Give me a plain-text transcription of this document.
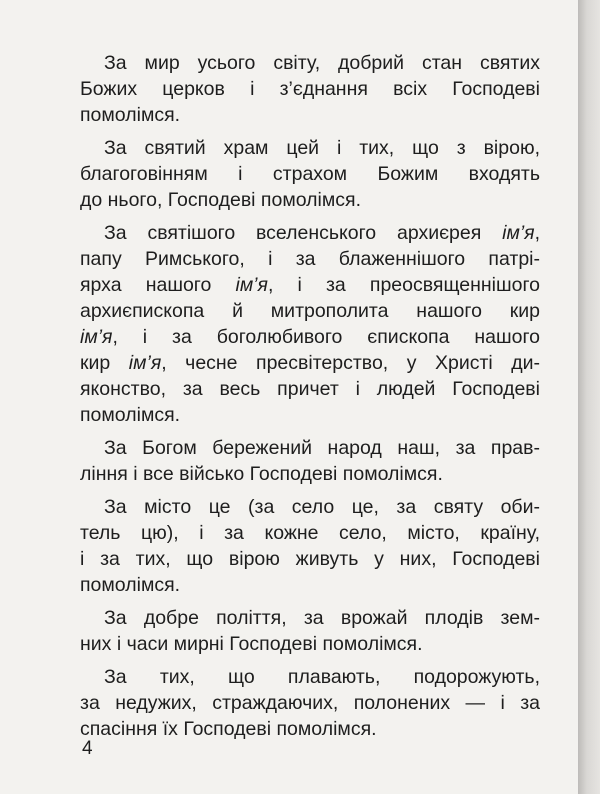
За мир усього світу, добрий стан святих
Божих церков і з’єднання всіх Господеві
помолімся.

За святий храм цей і тих, що з вірою,
благоговінням і страхом Божим входять
до нього, Господеві помолімся.

За святішого вселенського архиєрея ім’я,
папу Римського, і за блаженнішого патрі-
ярха нашого ім’я, і за преосвященнішого
архиєпископа й митрополита нашого кир
ім’я, і за боголюбивого єпископа нашого
кир ім’я, чесне пресвітерство, у Христі ди-
яконство, за весь причет і людей Господеві
помолімся.

За Богом бережений народ наш, за прав-
ління і все військо Господеві помолімся.

За місто це (за село це, за святу оби-
тель цю), і за кожне село, місто, країну,
і за тих, що вірою живуть у них, Господеві
помолімся.

За добре поліття, за врожай плодів зем-
них і часи мирні Господеві помолімся.

За тих, що плавають, подорожують,
за недужих, страждаючих, полонених — і за
спасіння їх Господеві помолімся.

4
